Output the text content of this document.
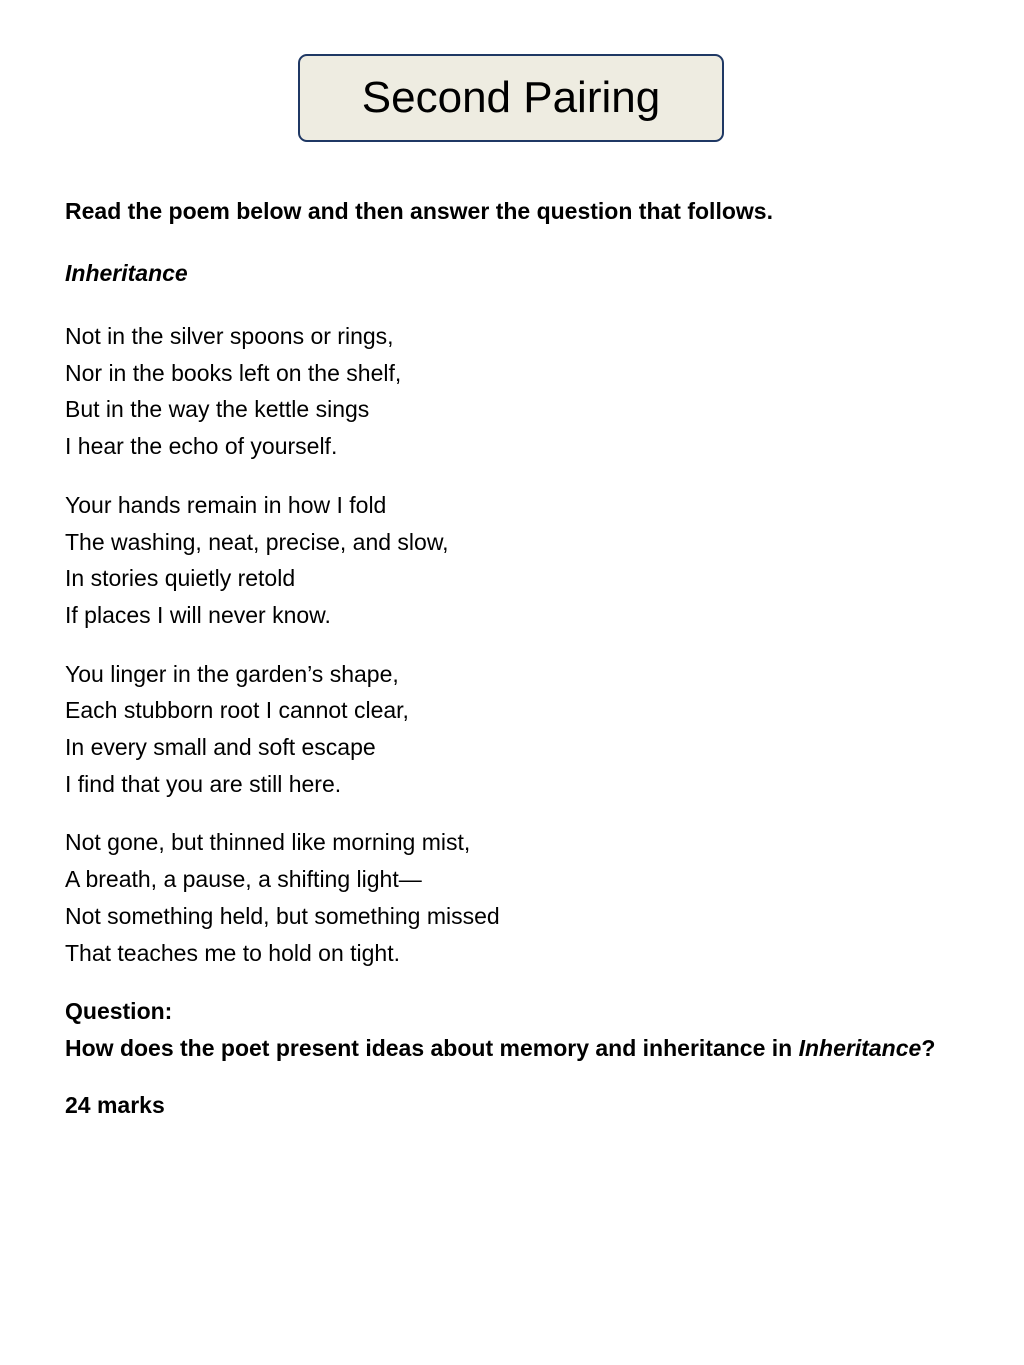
Second Pairing

Read the poem below and then answer the question that follows.

Inheritance

Not in the silver spoons or rings,
Nor in the books left on the shelf,
But in the way the kettle sings
I hear the echo of yourself.
Your hands remain in how I fold
The washing, neat, precise, and slow,
In stories quietly retold
If places I will never know.
You linger in the garden’s shape,
Each stubborn root I cannot clear,
In every small and soft escape
I find that you are still here.
Not gone, but thinned like morning mist,
A breath, a pause, a shifting light—
Not something held, but something missed
That teaches me to hold on tight.
Question:
How does the poet present ideas about memory and inheritance in Inheritance?

24 marks
